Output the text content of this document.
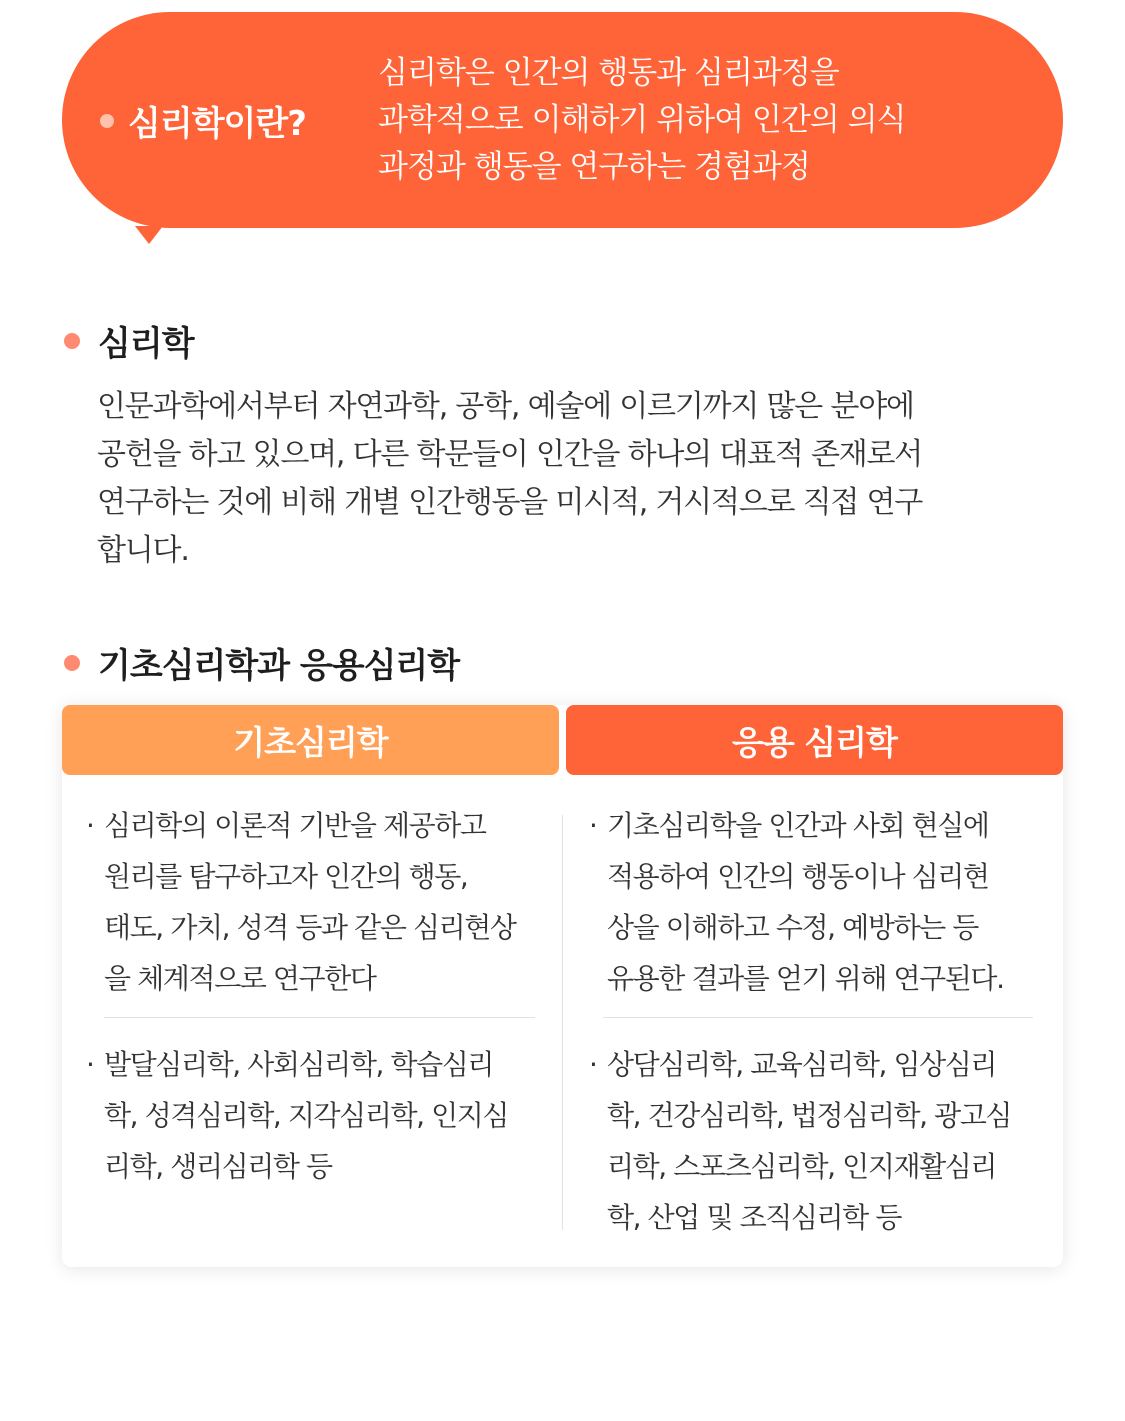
심리학이란?
심리학은 인간의 행동과 심리과정을
과학적으로 이해하기 위하여 인간의 의식
과정과 행동을 연구하는 경험과정
심리학
인문과학에서부터 자연과학, 공학, 예술에 이르기까지 많은 분야에
공헌을 하고 있으며, 다른 학문들이 인간을 하나의 대표적 존재로서
연구하는 것에 비해 개별 인간행동을 미시적, 거시적으로 직접 연구
합니다.
기초심리학과 응용심리학
기초심리학	응용 심리학
· 심리학의 이론적 기반을 제공하고
원리를 탐구하고자 인간의 행동,
태도, 가치, 성격 등과 같은 심리현상
을 체계적으로 연구한다
· 발달심리학, 사회심리학, 학습심리
학, 성격심리학, 지각심리학, 인지심
리학, 생리심리학 등
· 기초심리학을 인간과 사회 현실에
적용하여 인간의 행동이나 심리현
상을 이해하고 수정, 예방하는 등
유용한 결과를 얻기 위해 연구된다.
· 상담심리학, 교육심리학, 임상심리
학, 건강심리학, 법정심리학, 광고심
리학, 스포츠심리학, 인지재활심리
학, 산업 및 조직심리학 등
